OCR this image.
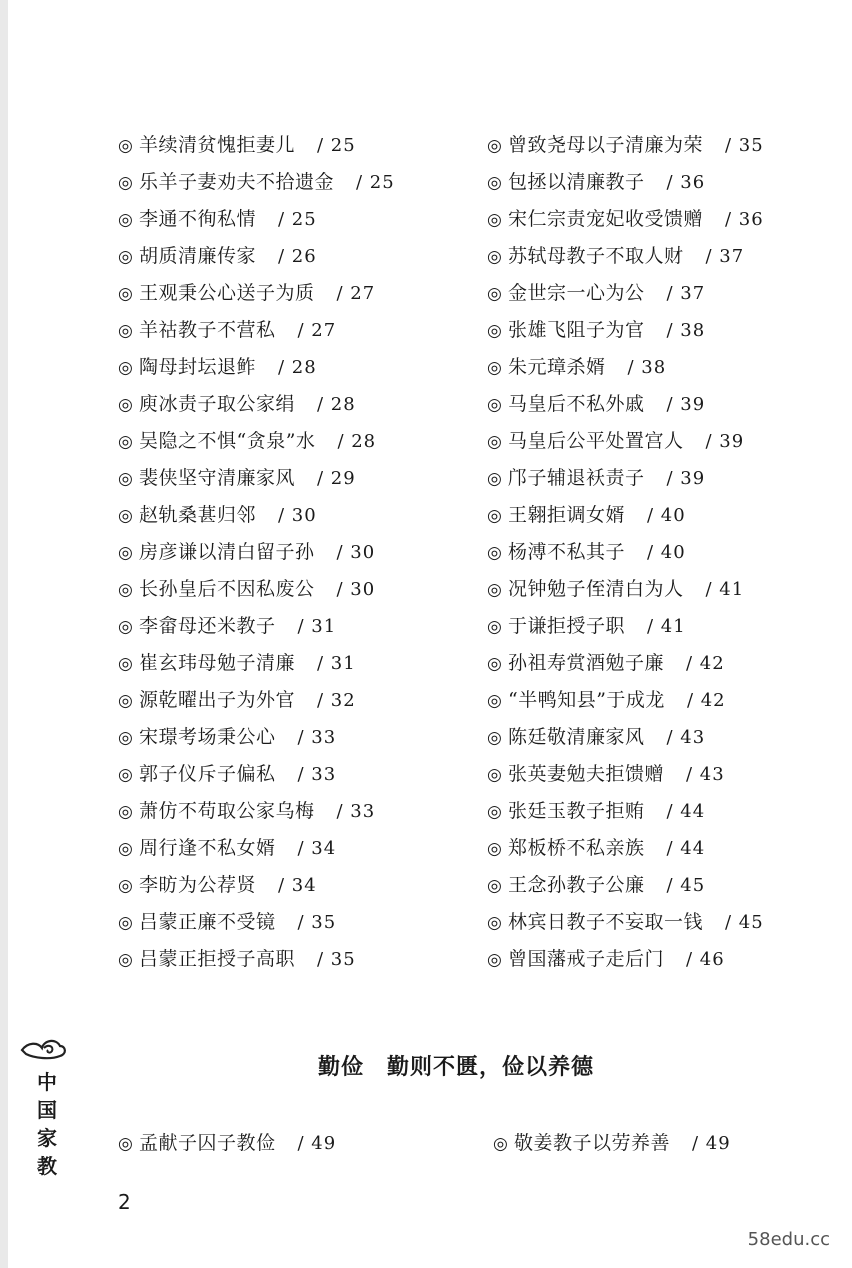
◎ 羊续清贫愧拒妻儿 / 25
◎ 乐羊子妻劝夫不拾遗金 / 25
◎ 李通不徇私情 / 25
◎ 胡质清廉传家 / 26
◎ 王观秉公心送子为质 / 27
◎ 羊祜教子不营私 / 27
◎ 陶母封坛退鲊 / 28
◎ 庾冰责子取公家绢 / 28
◎ 吴隐之不惧“贪泉”水 / 28
◎ 裴侠坚守清廉家风 / 29
◎ 赵轨桑葚归邻 / 30
◎ 房彦谦以清白留子孙 / 30
◎ 长孙皇后不因私废公 / 30
◎ 李畲母还米教子 / 31
◎ 崔玄玮母勉子清廉 / 31
◎ 源乾曜出子为外官 / 32
◎ 宋璟考场秉公心 / 33
◎ 郭子仪斥子偏私 / 33
◎ 萧仿不苟取公家乌梅 / 33
◎ 周行逢不私女婿 / 34
◎ 李昉为公荐贤 / 34
◎ 吕蒙正廉不受镜 / 35
◎ 吕蒙正拒授子高职 / 35
◎ 曾致尧母以子清廉为荣 / 35
◎ 包拯以清廉教子 / 36
◎ 宋仁宗责宠妃收受馈赠 / 36
◎ 苏轼母教子不取人财 / 37
◎ 金世宗一心为公 / 37
◎ 张雄飞阻子为官 / 38
◎ 朱元璋杀婿 / 38
◎ 马皇后不私外戚 / 39
◎ 马皇后公平处置宫人 / 39
◎ 邝子辅退袄责子 / 39
◎ 王翱拒调女婿 / 40
◎ 杨溥不私其子 / 40
◎ 况钟勉子侄清白为人 / 41
◎ 于谦拒授子职 / 41
◎ 孙祖寿赏酒勉子廉 / 42
◎ “半鸭知县”于成龙 / 42
◎ 陈廷敬清廉家风 / 43
◎ 张英妻勉夫拒馈赠 / 43
◎ 张廷玉教子拒贿 / 44
◎ 郑板桥不私亲族 / 44
◎ 王念孙教子公廉 / 45
◎ 林宾日教子不妄取一钱 / 45
◎ 曾国藩戒子走后门 / 46
勤俭　勤则不匮，俭以养德
◎ 孟献子囚子教俭 / 49	◎ 敬姜教子以劳养善 / 49
中
国
家
教
2
58edu.cc
